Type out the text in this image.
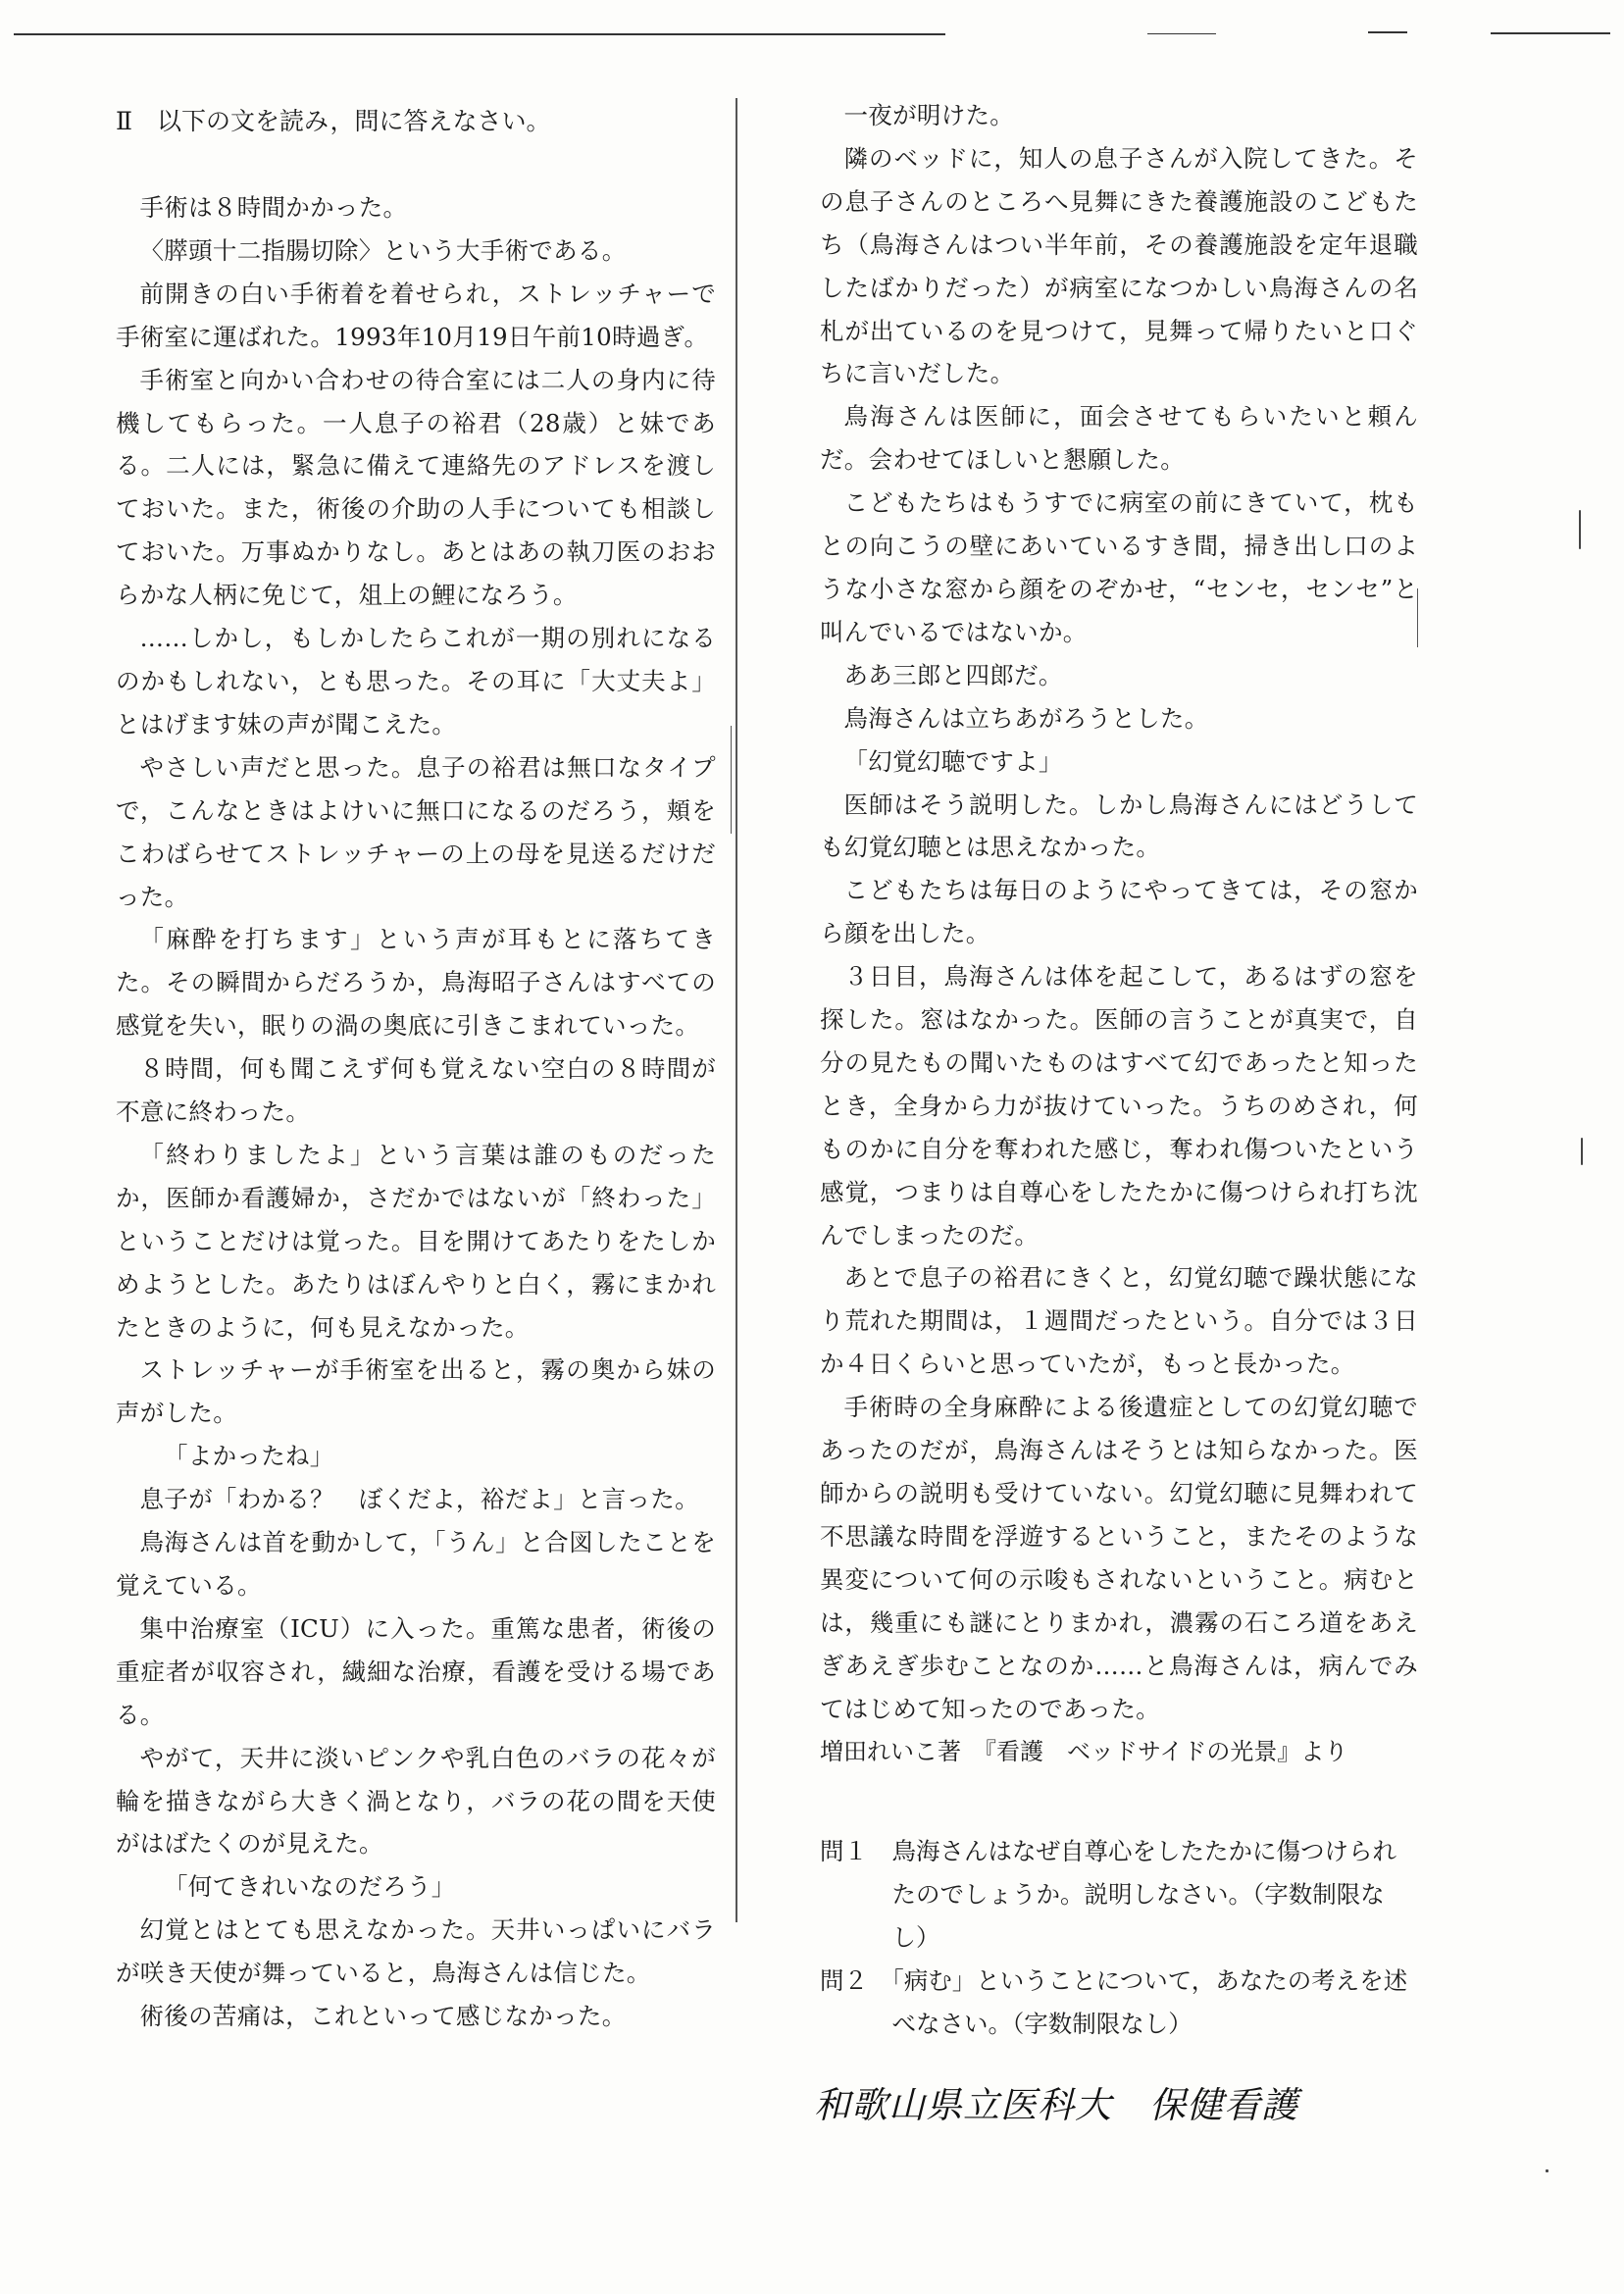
Ⅱ　以下の文を読み，問に答えなさい。

手術は８時間かかった。

〈膵頭十二指腸切除〉という大手術である。

前開きの白い手術着を着せられ，ストレッチャーで手術室に運ばれた。1993年10月19日午前10時過ぎ。

手術室と向かい合わせの待合室には二人の身内に待機してもらった。一人息子の裕君（28歳）と妹である。二人には，緊急に備えて連絡先のアドレスを渡しておいた。また，術後の介助の人手についても相談しておいた。万事ぬかりなし。あとはあの執刀医のおおらかな人柄に免じて，俎上の鯉になろう。

……しかし，もしかしたらこれが一期の別れになるのかもしれない，とも思った。その耳に「大丈夫よ」とはげます妹の声が聞こえた。

やさしい声だと思った。息子の裕君は無口なタイプで，こんなときはよけいに無口になるのだろう，頬をこわばらせてストレッチャーの上の母を見送るだけだった。

「麻酔を打ちます」という声が耳もとに落ちてきた。その瞬間からだろうか，鳥海昭子さんはすべての感覚を失い，眠りの渦の奥底に引きこまれていった。

８時間，何も聞こえず何も覚えない空白の８時間が不意に終わった。

「終わりましたよ」という言葉は誰のものだったか，医師か看護婦か，さだかではないが「終わった」ということだけは覚った。目を開けてあたりをたしかめようとした。あたりはぼんやりと白く，霧にまかれたときのように，何も見えなかった。

ストレッチャーが手術室を出ると，霧の奥から妹の声がした。

「よかったね」

息子が「わかる？　ぼくだよ，裕だよ」と言った。

鳥海さんは首を動かして，「うん」と合図したことを覚えている。

集中治療室（ICU）に入った。重篤な患者，術後の重症者が収容され，繊細な治療，看護を受ける場である。

やがて，天井に淡いピンクや乳白色のバラの花々が輪を描きながら大きく渦となり，バラの花の間を天使がはばたくのが見えた。

「何てきれいなのだろう」

幻覚とはとても思えなかった。天井いっぱいにバラが咲き天使が舞っていると，鳥海さんは信じた。

術後の苦痛は，これといって感じなかった。

一夜が明けた。

隣のベッドに，知人の息子さんが入院してきた。その息子さんのところへ見舞にきた養護施設のこどもたち（鳥海さんはつい半年前，その養護施設を定年退職したばかりだった）が病室になつかしい鳥海さんの名札が出ているのを見つけて，見舞って帰りたいと口ぐちに言いだした。

鳥海さんは医師に，面会させてもらいたいと頼んだ。会わせてほしいと懇願した。

こどもたちはもうすでに病室の前にきていて，枕もとの向こうの壁にあいているすき間，掃き出し口のような小さな窓から顔をのぞかせ，“センセ，センセ”と叫んでいるではないか。

ああ三郎と四郎だ。

鳥海さんは立ちあがろうとした。

「幻覚幻聴ですよ」

医師はそう説明した。しかし鳥海さんにはどうしても幻覚幻聴とは思えなかった。

こどもたちは毎日のようにやってきては，その窓から顔を出した。

３日目，鳥海さんは体を起こして，あるはずの窓を探した。窓はなかった。医師の言うことが真実で，自分の見たもの聞いたものはすべて幻であったと知ったとき，全身から力が抜けていった。うちのめされ，何ものかに自分を奪われた感じ，奪われ傷ついたという感覚，つまりは自尊心をしたたかに傷つけられ打ち沈んでしまったのだ。

あとで息子の裕君にきくと，幻覚幻聴で躁状態になり荒れた期間は，１週間だったという。自分では３日か４日くらいと思っていたが，もっと長かった。

手術時の全身麻酔による後遺症としての幻覚幻聴であったのだが，鳥海さんはそうとは知らなかった。医師からの説明も受けていない。幻覚幻聴に見舞われて不思議な時間を浮遊するということ，またそのような異変について何の示唆もされないということ。病むとは，幾重にも謎にとりまかれ，濃霧の石ころ道をあえぎあえぎ歩むことなのか……と鳥海さんは，病んでみてはじめて知ったのであった。

増田れいこ著　『看護　ベッドサイドの光景』より

問１　鳥海さんはなぜ自尊心をしたたかに傷つけられたのでしょうか。説明しなさい。（字数制限なし）

問２　「病む」ということについて，あなたの考えを述べなさい。（字数制限なし）

和歌山県立医科大　保健看護
